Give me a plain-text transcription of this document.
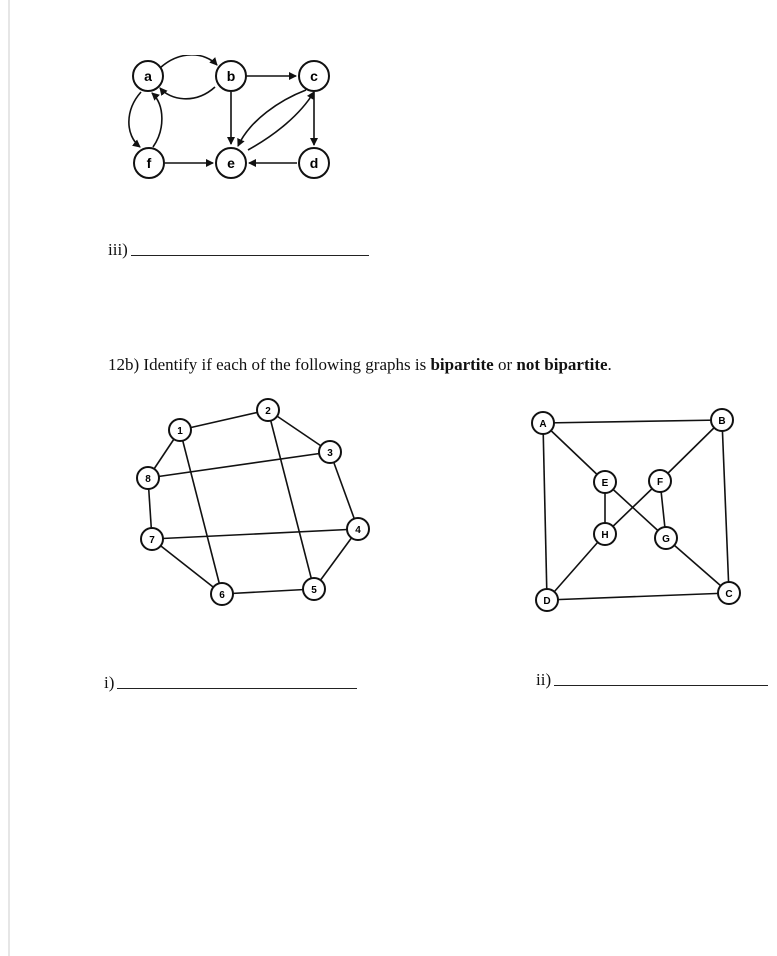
a	b	c
f	e	d
iii)
12b) Identify if each of the following graphs is bipartite or not bipartite.
1
2
3
4
5
6
7
8
A	B
C
D
E	F
H	G
i)	ii)
